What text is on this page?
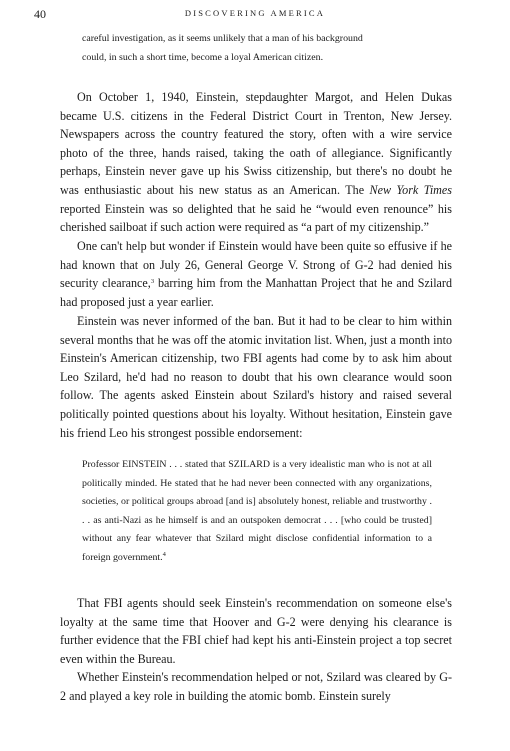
40	DISCOVERING AMERICA

careful investigation, as it seems unlikely that a man of his background
could, in such a short time, become a loyal American citizen.

On October 1, 1940, Einstein, stepdaughter Margot, and Helen Dukas became U.S. citizens in the Federal District Court in Trenton, New Jersey. Newspapers across the country featured the story, often with a wire service photo of the three, hands raised, taking the oath of allegiance. Significantly perhaps, Einstein never gave up his Swiss citizenship, but there's no doubt he was enthusiastic about his new status as an American. The New York Times reported Einstein was so delighted that he said he “would even renounce” his cherished sailboat if such action were required as “a part of my citizenship.”

One can't help but wonder if Einstein would have been quite so effusive if he had known that on July 26, General George V. Strong of G-2 had denied his security clearance,$^3$ barring him from the Manhattan Project that he and Szilard had proposed just a year earlier.

Einstein was never informed of the ban. But it had to be clear to him within several months that he was off the atomic invitation list. When, just a month into Einstein's American citizenship, two FBI agents had come by to ask him about Leo Szilard, he'd had no reason to doubt that his own clearance would soon follow. The agents asked Einstein about Szilard's history and raised several politically pointed questions about his loyalty. Without hesitation, Einstein gave his friend Leo his strongest possible endorsement:

Professor EINSTEIN . . . stated that SZILARD is a very idealistic man who is not at all politically minded. He stated that he had never been connected with any organizations, societies, or political groups abroad [and is] absolutely honest, reliable and trustworthy . . . as anti-Nazi as he himself is and an outspoken democrat . . . [who could be trusted] without any fear whatever that Szilard might disclose confidential information to a foreign government.$^4$

That FBI agents should seek Einstein's recommendation on someone else's loyalty at the same time that Hoover and G-2 were denying his clearance is further evidence that the FBI chief had kept his anti-Einstein project a top secret even within the Bureau.

Whether Einstein's recommendation helped or not, Szilard was cleared by G-2 and played a key role in building the atomic bomb. Einstein surely
